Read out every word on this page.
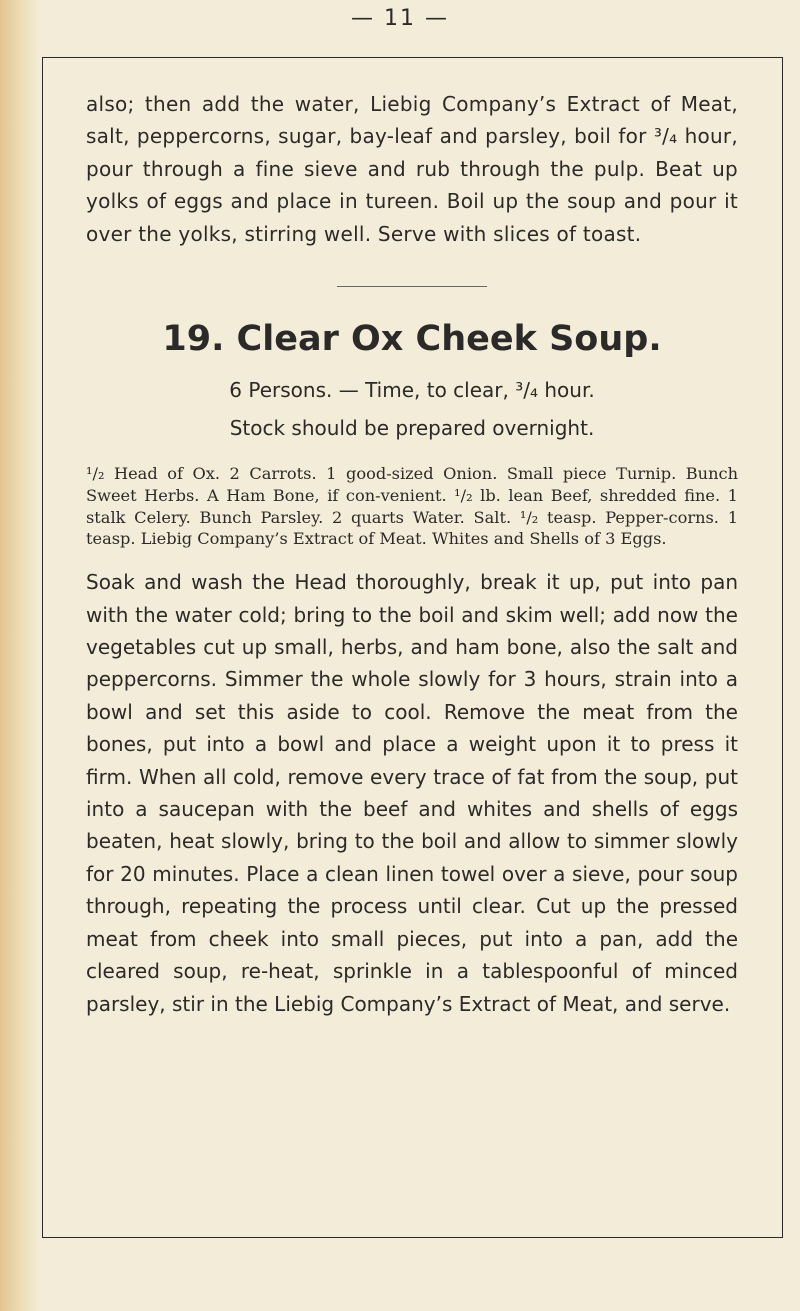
— 11 —

also; then add the water, Liebig Company’s Extract of Meat, salt, peppercorns, sugar, bay-leaf and parsley, boil for ³/₄ hour, pour through a fine sieve and rub through the pulp. Beat up yolks of eggs and place in tureen. Boil up the soup and pour it over the yolks, stirring well. Serve with slices of toast.

19. Clear Ox Cheek Soup.
6 Persons. — Time, to clear, ³/₄ hour.
Stock should be prepared overnight.

¹/₂ Head of Ox. 2 Carrots. 1 good-sized Onion. Small piece Turnip. Bunch Sweet Herbs. A Ham Bone, if con-venient. ¹/₂ lb. lean Beef, shredded fine. 1 stalk Celery. Bunch Parsley. 2 quarts Water. Salt. ¹/₂ teasp. Pepper-corns. 1 teasp. Liebig Company’s Extract of Meat. Whites and Shells of 3 Eggs.

Soak and wash the Head thoroughly, break it up, put into pan with the water cold; bring to the boil and skim well; add now the vegetables cut up small, herbs, and ham bone, also the salt and peppercorns. Simmer the whole slowly for 3 hours, strain into a bowl and set this aside to cool. Remove the meat from the bones, put into a bowl and place a weight upon it to press it firm. When all cold, remove every trace of fat from the soup, put into a saucepan with the beef and whites and shells of eggs beaten, heat slowly, bring to the boil and allow to simmer slowly for 20 minutes. Place a clean linen towel over a sieve, pour soup through, repeating the process until clear. Cut up the pressed meat from cheek into small pieces, put into a pan, add the cleared soup, re-heat, sprinkle in a tablespoonful of minced parsley, stir in the Liebig Company’s Extract of Meat, and serve.
